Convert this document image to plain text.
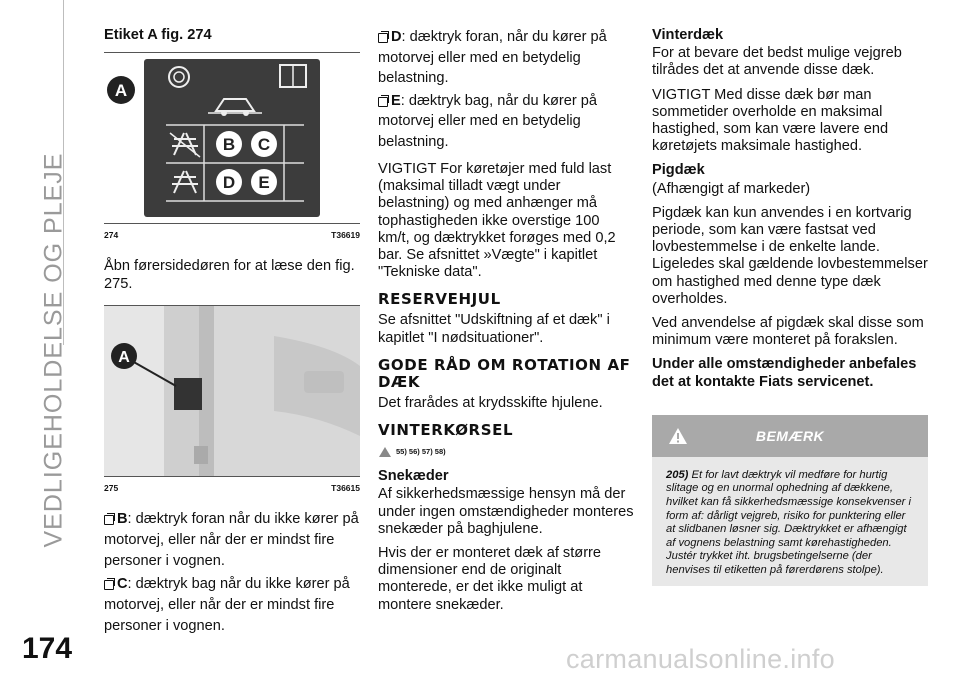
VEDLIGEHOLDELSE OG PLEJE
174	carmanualsonline.info
Etiket A fig. 274
A
B C
D E
274	T36619

Åbn førersidedøren for at læse den fig. 275.

A
275	T36615

B: dæktryk foran når du ikke kører på motorvej, eller når der er mindst fire personer i vognen.

C: dæktryk bag når du ikke kører på motorvej, eller når der er mindst fire personer i vognen.

D: dæktryk foran, når du kører på motorvej eller med en betydelig belastning.

E: dæktryk bag, når du kører på motorvej eller med en betydelig belastning.

VIGTIGT For køretøjer med fuld last (maksimal tilladt vægt under belastning) og med anhænger må tophastigheden ikke overstige 100 km/t, og dæktrykket forøges med 0,2 bar. Se afsnittet »Vægte" i kapitlet "Tekniske data".

RESERVEHJUL

Se afsnittet "Udskiftning af et dæk" i kapitlet "I nødsituationer".

GODE RÅD OM ROTATION AF DÆK

Det frarådes at krydsskifte hjulene.

VINTERKØRSEL
55) 56) 57) 58)
Snekæder

Af sikkerhedsmæssige hensyn må der under ingen omstændigheder monteres snekæder på baghjulene.

Hvis der er monteret dæk af større dimensioner end de originalt monterede, er det ikke muligt at montere snekæder.

Vinterdæk

For at bevare det bedst mulige vejgreb tilrådes det at anvende disse dæk.

VIGTIGT Med disse dæk bør man sommetider overholde en maksimal hastighed, som kan være lavere end køretøjets maksimale hastighed.

Pigdæk

(Afhængigt af markeder)

Pigdæk kan kun anvendes i en kortvarig periode, som kan være fastsat ved lovbestemmelse i de enkelte lande. Ligeledes skal gældende lovbestemmelser om hastighed med denne type dæk overholdes.

Ved anvendelse af pigdæk skal disse som minimum være monteret på forakslen.

Under alle omstændigheder anbefales det at kontakte Fiats servicenet.

BEMÆRK
205) Et for lavt dæktryk vil medføre for hurtig slitage og en unormal ophedning af dækkene, hvilket kan få sikkerhedsmæssige konsekvenser i form af: dårligt vejgreb, risiko for punktering eller at slidbanen løsner sig. Dæktrykket er afhængigt af vognens belastning samt kørehastigheden. Justér trykket iht. brugsbetingelserne (der henvises til etiketten på førerdørens stolpe).
